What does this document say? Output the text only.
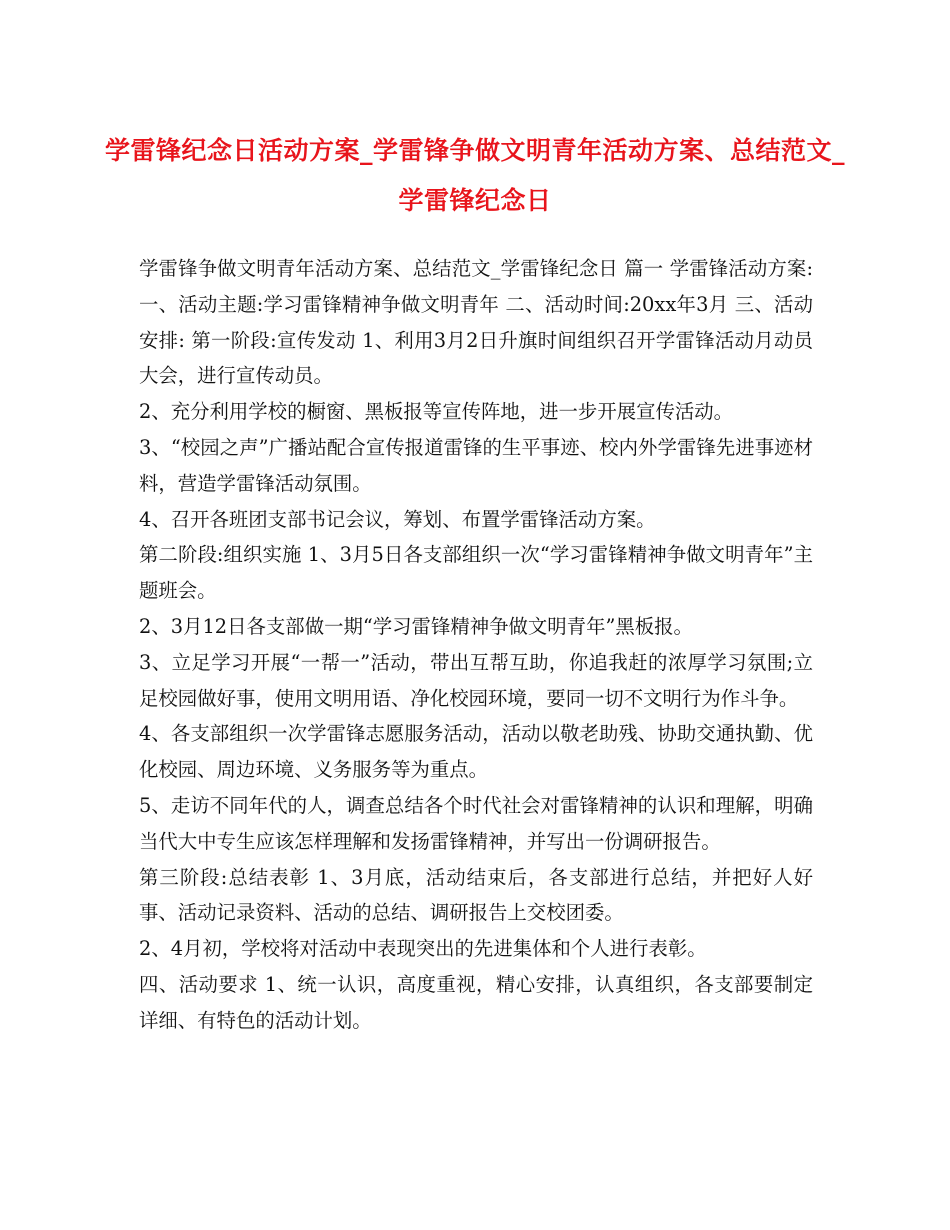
学雷锋纪念日活动方案_学雷锋争做文明青年活动方案、总结范文_学雷锋纪念日

学雷锋争做文明青年活动方案、总结范文_学雷锋纪念日 篇一 学雷锋活动方案: 一、活动主题:学习雷锋精神争做文明青年 二、活动时间:20xx年3月 三、活动安排: 第一阶段:宣传发动 1、利用3月2日升旗时间组织召开学雷锋活动月动员大会，进行宣传动员。

2、充分利用学校的橱窗、黑板报等宣传阵地，进一步开展宣传活动。

3、“校园之声”广播站配合宣传报道雷锋的生平事迹、校内外学雷锋先进事迹材料，营造学雷锋活动氛围。

4、召开各班团支部书记会议，筹划、布置学雷锋活动方案。

第二阶段:组织实施 1、3月5日各支部组织一次“学习雷锋精神争做文明青年”主题班会。

2、3月12日各支部做一期“学习雷锋精神争做文明青年”黑板报。

3、立足学习开展“一帮一”活动，带出互帮互助，你追我赶的浓厚学习氛围;立足校园做好事，使用文明用语、净化校园环境，要同一切不文明行为作斗争。

4、各支部组织一次学雷锋志愿服务活动，活动以敬老助残、协助交通执勤、优化校园、周边环境、义务服务等为重点。

5、走访不同年代的人，调查总结各个时代社会对雷锋精神的认识和理解，明确当代大中专生应该怎样理解和发扬雷锋精神，并写出一份调研报告。

第三阶段:总结表彰 1、3月底，活动结束后，各支部进行总结，并把好人好事、活动记录资料、活动的总结、调研报告上交校团委。

2、4月初，学校将对活动中表现突出的先进集体和个人进行表彰。

四、活动要求 1、统一认识，高度重视，精心安排，认真组织，各支部要制定详细、有特色的活动计划。
